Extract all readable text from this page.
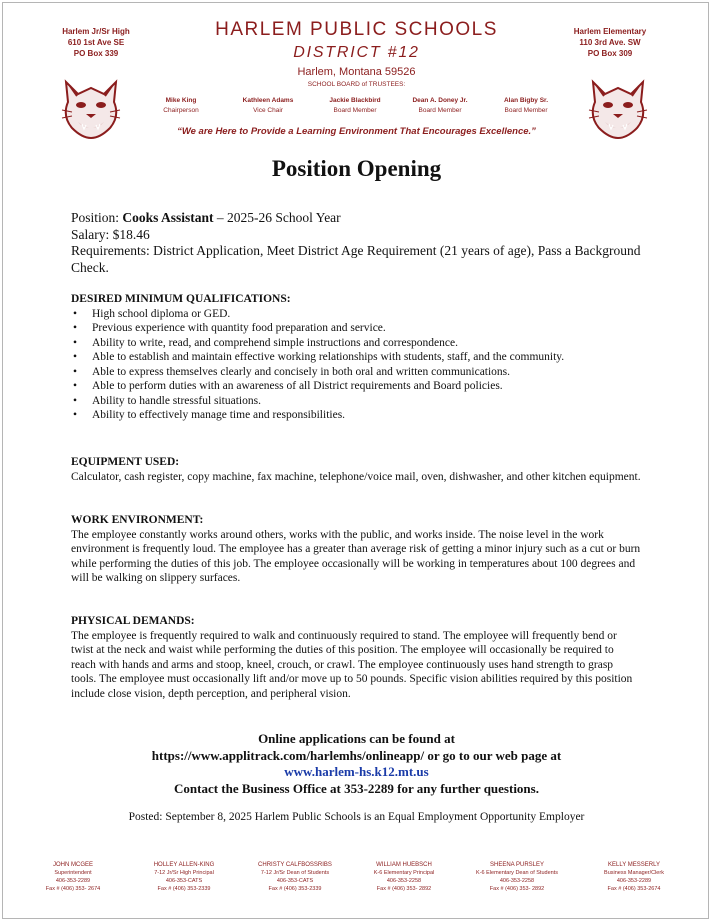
Harlem Jr/Sr High
610 1st Ave SE
PO Box 339
Harlem Elementary
110 3rd Ave. SW
PO Box 309
HARLEM PUBLIC SCHOOLS
DISTRICT #12
Harlem, Montana 59526
SCHOOL BOARD of TRUSTEES:
Mike King
Chairperson
Kathleen Adams
Vice Chair
Jackie Blackbird
Board Member
Dean A. Doney Jr.
Board Member
Alan Bigby Sr.
Board Member
“We are Here to Provide a Learning Environment That Encourages Excellence.”
Position Opening
Position: Cooks Assistant – 2025-26 School Year
Salary: $18.46
Requirements: District Application, Meet District Age Requirement (21 years of age), Pass a Background Check.
DESIRED MINIMUM QUALIFICATIONS:
• High school diploma or GED.
• Previous experience with quantity food preparation and service.
• Ability to write, read, and comprehend simple instructions and correspondence.
• Able to establish and maintain effective working relationships with students, staff, and the community.
• Able to express themselves clearly and concisely in both oral and written communications.
• Able to perform duties with an awareness of all District requirements and Board policies.
• Ability to handle stressful situations.
• Ability to effectively manage time and responsibilities.
EQUIPMENT USED:
Calculator, cash register, copy machine, fax machine, telephone/voice mail, oven, dishwasher, and other kitchen equipment.
WORK ENVIRONMENT:
The employee constantly works around others, works with the public, and works inside. The noise level in the work environment is frequently loud. The employee has a greater than average risk of getting a minor injury such as a cut or burn while performing the duties of this job. The employee occasionally will be working in temperatures about 100 degrees and will be walking on slippery surfaces.
PHYSICAL DEMANDS:
The employee is frequently required to walk and continuously required to stand. The employee will frequently bend or twist at the neck and waist while performing the duties of this position. The employee will occasionally be required to reach with hands and arms and stoop, kneel, crouch, or crawl. The employee continuously uses hand strength to grasp tools. The employee must occasionally lift and/or move up to 50 pounds. Specific vision abilities required by this position include close vision, depth perception, and peripheral vision.
Online applications can be found at
https://www.applitrack.com/harlemhs/onlineapp/ or go to our web page at
www.harlem-hs.k12.mt.us
Contact the Business Office at 353-2289 for any further questions.
Posted: September 8, 2025 Harlem Public Schools is an Equal Employment Opportunity Employer
JOHN MCGEE
Superintendent
406-353-2289
Fax # (406) 353- 2674
HOLLEY ALLEN-KING
7-12 Jr/Sr High Principal
406-353-CATS
Fax # (406) 353-2339
CHRISTY CALFBOSSRIBS
7-12 Jr/Sr Dean of Students
406-353-CATS
Fax # (406) 353-2339
WILLIAM HUEBSCH
K-6 Elementary Principal
406-353-2258
Fax # (406) 353- 2892
SHEENA PURSLEY
K-6 Elementary Dean of Students
406-353-2258
Fax # (406) 353- 2892
KELLY MESSERLY
Business Manager/Clerk
406-353-2289
Fax # (406) 353-2674
